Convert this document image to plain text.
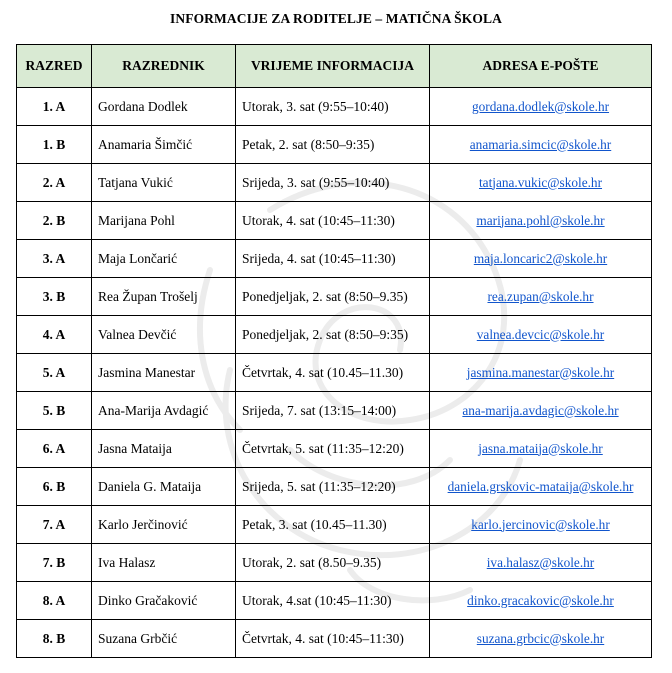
INFORMACIJE ZA RODITELJE – MATIČNA ŠKOLA
RAZRED	RAZREDNIK	VRIJEME INFORMACIJA	ADRESA E-POŠTE
1. A	Gordana Dodlek	Utorak, 3. sat (9:55–10:40)	gordana.dodlek@skole.hr
1. B	Anamaria Šimčić	Petak, 2. sat (8:50–9:35)	anamaria.simcic@skole.hr
2. A	Tatjana Vukić	Srijeda, 3. sat (9:55–10:40)	tatjana.vukic@skole.hr
2. B	Marijana Pohl	Utorak, 4. sat (10:45–11:30)	marijana.pohl@skole.hr
3. A	Maja Lončarić	Srijeda, 4. sat (10:45–11:30)	maja.loncaric2@skole.hr
3. B	Rea Župan Trošelj	Ponedjeljak, 2. sat (8:50–9.35)	rea.zupan@skole.hr
4. A	Valnea Devčić	Ponedjeljak, 2. sat (8:50–9:35)	valnea.devcic@skole.hr
5. A	Jasmina Manestar	Četvrtak, 4. sat (10.45–11.30)	jasmina.manestar@skole.hr
5. B	Ana-Marija Avdagić	Srijeda, 7. sat (13:15–14:00)	ana-marija.avdagic@skole.hr
6. A	Jasna Mataija	Četvrtak, 5. sat (11:35–12:20)	jasna.mataija@skole.hr
6. B	Daniela G. Mataija	Srijeda, 5. sat (11:35–12:20)	daniela.grskovic-mataija@skole.hr
7. A	Karlo Jerčinović	Petak, 3. sat (10.45–11.30)	karlo.jercinovic@skole.hr
7. B	Iva Halasz	Utorak, 2. sat (8.50–9.35)	iva.halasz@skole.hr
8. A	Dinko Gračaković	Utorak, 4.sat (10:45–11:30)	dinko.gracakovic@skole.hr
8. B	Suzana Grbčić	Četvrtak, 4. sat (10:45–11:30)	suzana.grbcic@skole.hr
